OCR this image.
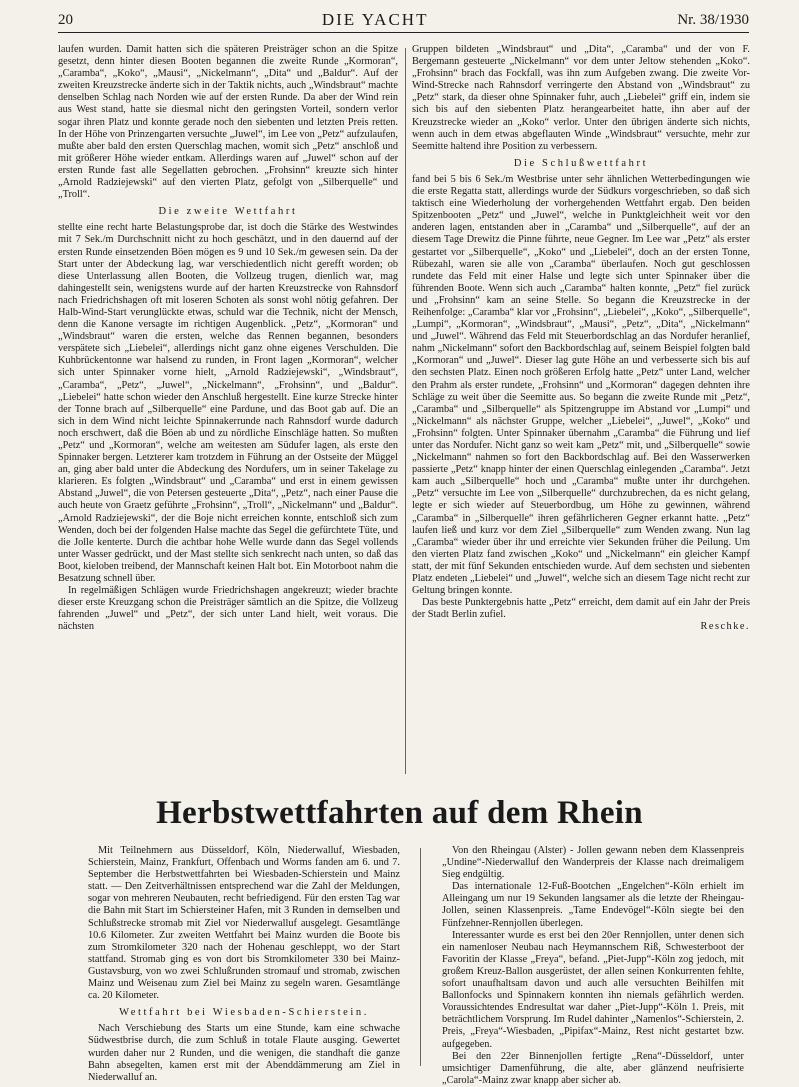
20	DIE YACHT	Nr. 38/1930

laufen wurden. Damit hatten sich die späteren Preisträger schon an die Spitze gesetzt, denn hinter diesen Booten begannen die zweite Runde „Kormoran“, „Caramba“, „Koko“, „Mausi“, „Nickelmann“, „Dita“ und „Baldur“. Auf der zweiten Kreuzstrecke änderte sich in der Taktik nichts, auch „Windsbraut“ machte denselben Schlag nach Norden wie auf der ersten Runde. Da aber der Wind rein aus West stand, hatte sie diesmal nicht den geringsten Vorteil, sondern verlor sogar ihren Platz und konnte gerade noch den siebenten und letzten Preis retten. In der Höhe von Prinzengarten versuchte „Juwel“, im Lee von „Petz“ aufzulaufen, mußte aber bald den ersten Querschlag machen, womit sich „Petz“ anschloß und mit größerer Höhe wieder entkam. Allerdings waren auf „Juwel“ schon auf der ersten Runde fast alle Segellatten gebrochen. „Frohsinn“ kreuzte sich hinter „Arnold Radziejewski“ auf den vierten Platz, gefolgt von „Silberquelle“ und „Troll“.

Die zweite Wettfahrt

stellte eine recht harte Belastungsprobe dar, ist doch die Stärke des Westwindes mit 7 Sek./m Durchschnitt nicht zu hoch geschätzt, und in den dauernd auf der ersten Runde einsetzenden Böen mögen es 9 und 10 Sek./m gewesen sein. Da der Start unter der Abdeckung lag, war verschiedentlich nicht gerefft worden; ob diese Unterlassung allen Booten, die Vollzeug trugen, dienlich war, mag dahingestellt sein, wenigstens wurde auf der harten Kreuzstrecke von Rahnsdorf nach Friedrichshagen oft mit loseren Schoten als sonst wohl nötig gefahren. Der Halb-Wind-Start verunglückte etwas, schuld war die Technik, nicht der Mensch, denn die Kanone versagte im richtigen Augenblick. „Petz“, „Kormoran“ und „Windsbraut“ waren die ersten, welche das Rennen begannen, besonders verspätete sich „Liebelei“, allerdings nicht ganz ohne eigenes Verschulden. Die Kuhbrückentonne war halsend zu runden, in Front lagen „Kormoran“, welcher sich unter Spinnaker vorne hielt, „Arnold Radziejewski“, „Windsbraut“, „Caramba“, „Petz“, „Juwel“, „Nickelmann“, „Frohsinn“, und „Baldur“. „Liebelei“ hatte schon wieder den Anschluß hergestellt. Eine kurze Strecke hinter der Tonne brach auf „Silberquelle“ eine Pardune, und das Boot gab auf. Die an sich in dem Wind nicht leichte Spinnakerrunde nach Rahnsdorf wurde dadurch noch erschwert, daß die Böen ab und zu nördliche Einschläge hatten. So mußten „Petz“ und „Kormoran“, welche am weitesten am Südufer lagen, als erste den Spinnaker bergen. Letzterer kam trotzdem in Führung an der Ostseite der Müggel an, ging aber bald unter die Abdeckung des Nordufers, um in seiner Takelage zu klarieren. Es folgten „Windsbraut“ und „Caramba“ und erst in einem gewissen Abstand „Juwel“, die von Petersen gesteuerte „Dita“, „Petz“, nach einer Pause die auch heute von Graetz geführte „Frohsinn“, „Troll“, „Nickelmann“ und „Baldur“. „Arnold Radziejewski“, der die Boje nicht erreichen konnte, entschloß sich zum Wenden, doch bei der folgenden Halse machte das Segel die gefürchtete Tüte, und die Jolle kenterte. Durch die achtbar hohe Welle wurde dann das Segel vollends unter Wasser gedrückt, und der Mast stellte sich senkrecht nach unten, so daß das Boot, kieloben treibend, der Mannschaft keinen Halt bot. Ein Motorboot nahm die Besatzung schnell über.

In regelmäßigen Schlägen wurde Friedrichshagen angekreuzt; wieder brachte dieser erste Kreuzgang schon die Preisträger sämtlich an die Spitze, die Vollzeug fahrenden „Juwel“ und „Petz“, der sich unter Land hielt, weit voraus. Die nächsten

Gruppen bildeten „Windsbraut“ und „Dita“, „Caramba“ und der von F. Bergemann gesteuerte „Nickelmann“ vor dem unter Jeltow stehenden „Koko“. „Frohsinn“ brach das Fockfall, was ihn zum Aufgeben zwang. Die zweite Vor-Wind-Strecke nach Rahnsdorf verringerte den Abstand von „Windsbraut“ zu „Petz“ stark, da dieser ohne Spinnaker fuhr, auch „Liebelei“ griff ein, indem sie sich bis auf den siebenten Platz herangearbeitet hatte, ihn aber auf der Kreuzstrecke wieder an „Koko“ verlor. Unter den übrigen änderte sich nichts, wenn auch in dem etwas abgeflauten Winde „Windsbraut“ versuchte, mehr zur Seemitte haltend ihre Position zu verbessern.

Die Schlußwettfahrt

fand bei 5 bis 6 Sek./m Westbrise unter sehr ähnlichen Wetterbedingungen wie die erste Regatta statt, allerdings wurde der Südkurs vorgeschrieben, so daß sich taktisch eine Wiederholung der vorhergehenden Wettfahrt ergab. Den beiden Spitzenbooten „Petz“ und „Juwel“, welche in Punktgleichheit weit vor den anderen lagen, entstanden aber in „Caramba“ und „Silberquelle“, auf der an diesem Tage Drewitz die Pinne führte, neue Gegner. Im Lee war „Petz“ als erster gestartet vor „Silberquelle“, „Koko“ und „Liebelei“, doch an der ersten Tonne, Rübezahl, waren sie alle von „Caramba“ überlaufen. Noch gut geschlossen rundete das Feld mit einer Halse und legte sich unter Spinnaker über die führenden Boote. Wenn sich auch „Caramba“ halten konnte, „Petz“ fiel zurück und „Frohsinn“ kam an seine Stelle. So begann die Kreuzstrecke in der Reihenfolge: „Caramba“ klar vor „Frohsinn“, „Liebelei“, „Koko“, „Silberquelle“, „Lumpi“, „Kormoran“, „Windsbraut“, „Mausi“, „Petz“, „Dita“, „Nickelmann“ und „Juwel“. Während das Feld mit Steuerbordschlag an das Nordufer heranlief, nahm „Nickelmann“ sofort den Backbordschlag auf, seinem Beispiel folgten bald „Kormoran“ und „Juwel“. Dieser lag gute Höhe an und verbesserte sich bis auf den sechsten Platz. Einen noch größeren Erfolg hatte „Petz“ unter Land, welcher den Prahm als erster rundete, „Frohsinn“ und „Kormoran“ dagegen dehnten ihre Schläge zu weit über die Seemitte aus. So begann die zweite Runde mit „Petz“, „Caramba“ und „Silberquelle“ als Spitzengruppe im Abstand vor „Lumpi“ und „Nickelmann“ als nächster Gruppe, welcher „Liebelei“, „Juwel“, „Koko“ und „Frohsinn“ folgten. Unter Spinnaker übernahm „Caramba“ die Führung und lief unter das Nordufer. Nicht ganz so weit kam „Petz“ mit, und „Silberquelle“ sowie „Nickelmann“ nahmen so fort den Backbordschlag auf. Bei den Wasserwerken passierte „Petz“ knapp hinter der einen Querschlag einlegenden „Caramba“. Jetzt kam auch „Silberquelle“ hoch und „Caramba“ mußte unter ihr durchgehen. „Petz“ versuchte im Lee von „Silberquelle“ durchzubrechen, da es nicht gelang, legte er sich wieder auf Steuerbordbug, um Höhe zu gewinnen, während „Caramba“ in „Silberquelle“ ihren gefährlicheren Gegner erkannt hatte. „Petz“ laufen ließ und kurz vor dem Ziel „Silberquelle“ zum Wenden zwang. Nun lag „Caramba“ wieder über ihr und erreichte vier Sekunden früher die Peilung. Um den vierten Platz fand zwischen „Koko“ und „Nickelmann“ ein gleicher Kampf statt, der mit fünf Sekunden entschieden wurde. Auf dem sechsten und siebenten Platz endeten „Liebelei“ und „Juwel“, welche sich an diesem Tage nicht recht zur Geltung bringen konnte.

Das beste Punktergebnis hatte „Petz“ erreicht, dem damit auf ein Jahr der Preis der Stadt Berlin zufiel.

Reschke.

Herbstwettfahrten auf dem Rhein

Mit Teilnehmern aus Düsseldorf, Köln, Niederwalluf, Wiesbaden, Schierstein, Mainz, Frankfurt, Offenbach und Worms fanden am 6. und 7. September die Herbstwettfahrten bei Wiesbaden-Schierstein und Mainz statt. — Den Zeitverhältnissen entsprechend war die Zahl der Meldungen, sogar von mehreren Neubauten, recht befriedigend. Für den ersten Tag war die Bahn mit Start im Schiersteiner Hafen, mit 3 Runden in demselben und Schlußstrecke stromab mit Ziel vor Niederwalluf ausgelegt. Gesamtlänge 10.6 Kilometer. Zur zweiten Wettfahrt bei Mainz wurden die Boote bis zum Stromkilometer 320 nach der Hohenau geschleppt, wo der Start stattfand. Stromab ging es von dort bis Stromkilometer 330 bei Mainz-Gustavsburg, von wo zwei Schlußrunden stromauf und stromab, zwischen Mainz und Weisenau zum Ziel bei Mainz zu segeln waren. Gesamtlänge ca. 20 Kilometer.

Wettfahrt bei Wiesbaden-Schierstein.

Nach Verschiebung des Starts um eine Stunde, kam eine schwache Südwestbrise durch, die zum Schluß in totale Flaute ausging. Gewertet wurden daher nur 2 Runden, und die wenigen, die standhaft die ganze Bahn absegelten, kamen erst mit der Abenddämmerung am Ziel in Niederwalluf an.

Von den Rheingau (Alster) - Jollen gewann neben dem Klassenpreis „Undine“-Niederwalluf den Wanderpreis der Klasse nach dreimaligem Sieg endgültig.

Das internationale 12-Fuß-Bootchen „Engelchen“-Köln erhielt im Alleingang um nur 19 Sekunden langsamer als die letzte der Rheingau-Jollen, seinen Klassenpreis. „Tame Endevögel“-Köln siegte bei den Fünfzehner-Rennjollen überlegen.

Interessanter wurde es erst bei den 20er Rennjollen, unter denen sich ein namenloser Neubau nach Heymannschem Riß, Schwesterboot der Favoritin der Klasse „Freya“, befand. „Piet-Jupp“-Köln zog jedoch, mit großem Kreuz-Ballon ausgerüstet, der allen seinen Konkurrenten fehlte, sofort unaufhaltsam davon und auch alle versuchten Beihilfen mit Ballonfocks und Spinnakern konnten ihn niemals gefährlich werden. Voraussichtendes Endresultat war daher „Piet-Jupp“-Köln 1. Preis, mit beträchtlichem Vorsprung. Im Rudel dahinter „Namenlos“-Schierstein, 2. Preis, „Freya“-Wiesbaden, „Pipifax“-Mainz, Rest nicht gestartet bzw. aufgegeben.

Bei den 22er Binnenjollen fertigte „Rena“-Düsseldorf, unter umsichtiger Damenführung, die alte, aber glänzend neufrisierte „Carola“-Mainz zwar knapp aber sicher ab.
